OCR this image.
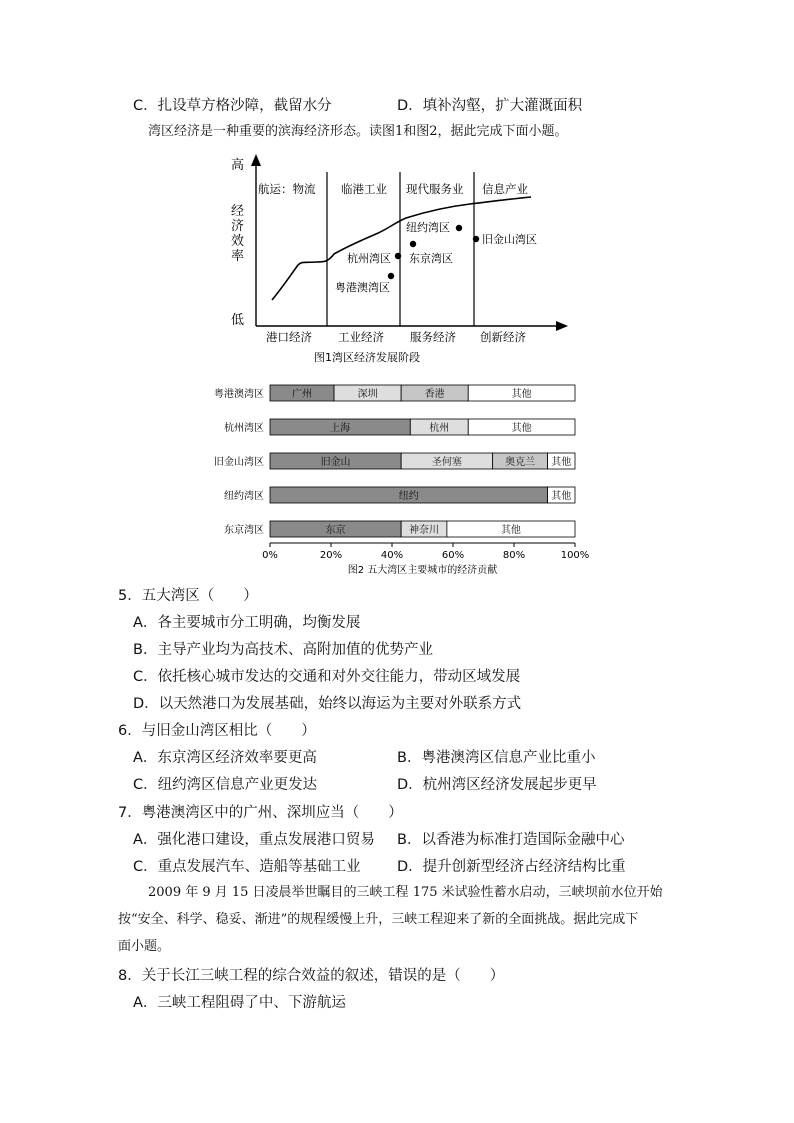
C．扎设草方格沙障，截留水分	D．填补沟壑，扩大灌溉面积
湾区经济是一种重要的滨海经济形态。读图1和图2，据此完成下面小题。
高
经
济
效
率
低
航运：物流 临港工业 现代服务业 信息产业
港口经济 工业经济 服务经济 创新经济
纽约湾区
旧金山湾区
东京湾区
杭州湾区
粤港澳湾区
图1湾区经济发展阶段
粤港澳湾区	广州	深圳	香港	其他
杭州湾区	上海	杭州	其他
旧金山湾区	旧金山	圣何塞	奥克兰 其他
纽约湾区	纽约	其他
东京湾区	东京	神奈川	其他
0%	20%	40%	60%	80%	100%
图2 五大湾区主要城市的经济贡献
5．五大湾区（　　）
A．各主要城市分工明确，均衡发展
B．主导产业均为高技术、高附加值的优势产业
C．依托核心城市发达的交通和对外交往能力，带动区域发展
D．以天然港口为发展基础，始终以海运为主要对外联系方式
6．与旧金山湾区相比（　　）
A．东京湾区经济效率要更高	B．粤港澳湾区信息产业比重小
C．纽约湾区信息产业更发达	D．杭州湾区经济发展起步更早
7．粤港澳湾区中的广州、深圳应当（　　）
A．强化港口建设，重点发展港口贸易 B．以香港为标准打造国际金融中心
C．重点发展汽车、造船等基础工业	D．提升创新型经济占经济结构比重
2009 年 9 月 15 日凌晨举世瞩目的三峡工程 175 米试验性蓄水启动，三峡坝前水位开始
按“安全、科学、稳妥、渐进”的规程缓慢上升，三峡工程迎来了新的全面挑战。据此完成下
面小题。
8．关于长江三峡工程的综合效益的叙述，错误的是（　　）
A．三峡工程阻碍了中、下游航运
